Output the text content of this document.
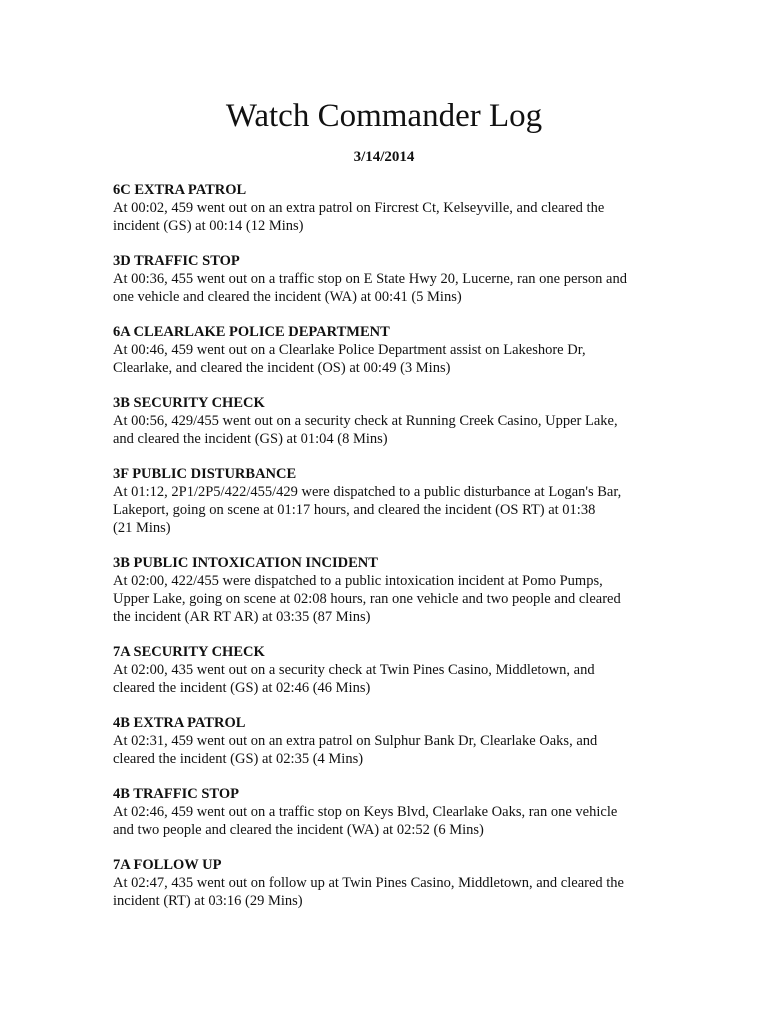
Watch Commander Log
3/14/2014
6C EXTRA PATROL
At 00:02, 459 went out on an extra patrol on Fircrest Ct, Kelseyville, and cleared the
incident (GS) at 00:14 (12 Mins)
3D TRAFFIC STOP
At 00:36, 455 went out on a traffic stop on E State Hwy 20, Lucerne, ran one person and
one vehicle and cleared the incident (WA) at 00:41 (5 Mins)
6A CLEARLAKE POLICE DEPARTMENT
At 00:46, 459 went out on a Clearlake Police Department assist on Lakeshore Dr,
Clearlake, and cleared the incident (OS) at 00:49 (3 Mins)
3B SECURITY CHECK
At 00:56, 429/455 went out on a security check at Running Creek Casino, Upper Lake,
and cleared the incident (GS) at 01:04 (8 Mins)
3F PUBLIC DISTURBANCE
At 01:12, 2P1/2P5/422/455/429 were dispatched to a public disturbance at Logan's Bar,
Lakeport, going on scene at 01:17 hours, and cleared the incident (OS RT) at 01:38
(21 Mins)
3B PUBLIC INTOXICATION INCIDENT
At 02:00, 422/455 were dispatched to a public intoxication incident at Pomo Pumps,
Upper Lake, going on scene at 02:08 hours, ran one vehicle and two people and cleared
the incident (AR RT AR) at 03:35 (87 Mins)
7A SECURITY CHECK
At 02:00, 435 went out on a security check at Twin Pines Casino, Middletown, and
cleared the incident (GS) at 02:46 (46 Mins)
4B EXTRA PATROL
At 02:31, 459 went out on an extra patrol on Sulphur Bank Dr, Clearlake Oaks, and
cleared the incident (GS) at 02:35 (4 Mins)
4B TRAFFIC STOP
At 02:46, 459 went out on a traffic stop on Keys Blvd, Clearlake Oaks, ran one vehicle
and two people and cleared the incident (WA) at 02:52 (6 Mins)
7A FOLLOW UP
At 02:47, 435 went out on follow up at Twin Pines Casino, Middletown, and cleared the
incident (RT) at 03:16 (29 Mins)
